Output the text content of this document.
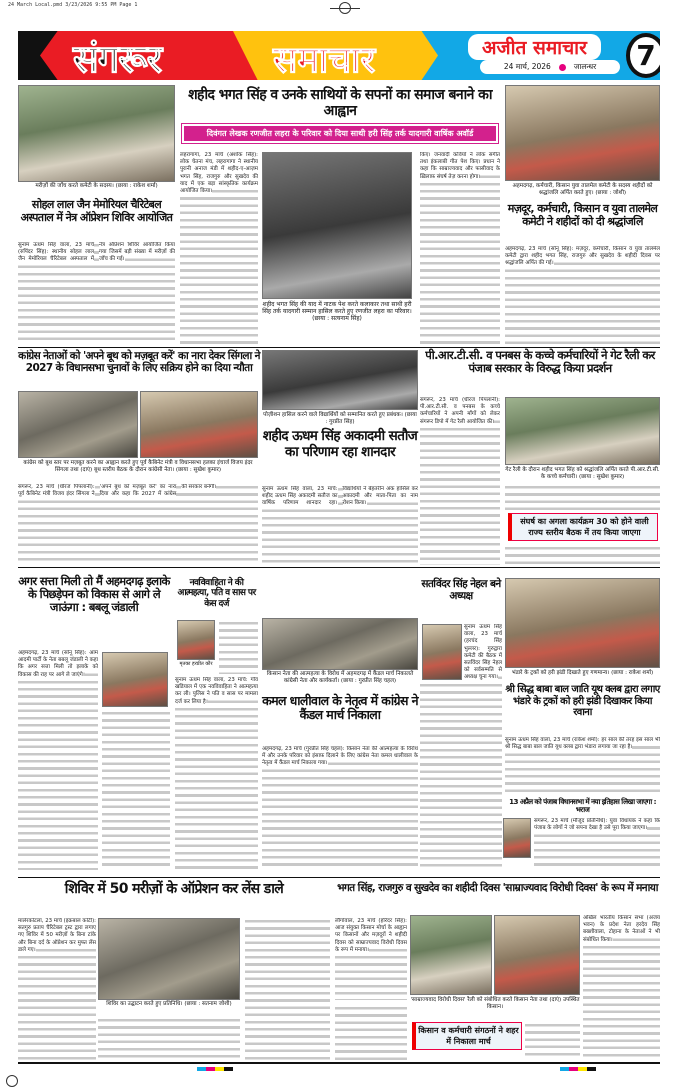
24 March Local.pmd 3/23/2026 9:55 PM Page 1
संगरूर	समाचार	अजीत समाचार
24 मार्च, 2026	जालन्धर	7
मरीज़ों की जाँच करते कमेटी के सदस्य। (छाया : राकेश शर्मा)
सोहल लाल जैन मेमोरियल चैरिटेबल अस्पताल में नेत्र ऑप्रेशन शिविर आयोजित
सुनाम ऊधम सिंह वाला, 23 मार्च (रुपिंदर सिंह): स्थानीय सोहल लाल जैन मेमोरियल चैरिटेबल अस्पताल में नेत्र ऑप्रेशन शिविर आयोजित किया गया जिसमें बड़ी संख्या में मरीज़ों की जाँच की गई।
शहीद भगत सिंह व उनके साथियों के सपनों का समाज बनाने का आह्वान
दिवंगत लेखक रणजीत लहरा के परिवार को दिया साथी हरी सिंह तर्क यादगारी वार्षिक अवॉर्ड
लहरागागा, 23 मार्च (अशोक सिंह): लोक चेतना मंच, लहरागागा ने स्थानीय पुरानी अनाज मंडी में शहीद-ए-आज़म भगत सिंह, राजगुरु और सुखदेव की याद में एक बड़ा सांस्कृतिक कार्यक्रम आयोजित किया।
शहीद भगत सिंह की याद में नाटक पेश करते कलाकार तथा साथी हरी सिंह तर्क यादगारी सम्मान हासिल करते हुए रणजीत लहरा का परिवार। (छाया : सत्यनाम सिंह)
किए। जनवादी कवियों ने लोक संगीत तथा इंकलाबी गीत पेश किए। प्रधान ने कहा कि साम्राज्यवाद और फासीवाद के ख़िलाफ़ संघर्ष तेज़ करना होगा।
अहमदगढ़, कर्मचारी, किसान युवा तालमेल कमेटी के सदस्य शहीदों को श्रद्धांजलि अर्पित करते हुए। (छाया : जोशी)
मज़दूर, कर्मचारी, किसान व युवा तालमेल कमेटी ने शहीदों को दी श्रद्धांजलि
अहमदगढ़, 23 मार्च (सोनू सिंह): मज़दूर, कर्मचारी, किसान व युवा तालमेल कमेटी द्वारा शहीद भगत सिंह, राजगुरु और सुखदेव के शहीदी दिवस पर श्रद्धांजलि अर्पित की गई।
कांग्रेस नेताओं को 'अपने बूथ को मज़बूत करें' का नारा देकर सिंगला ने 2027 के विधानसभा चुनावों के लिए सक्रिय होने का दिया न्यौता
कांग्रेस को बूथ स्तर पर मज़बूत करने का आह्वान करते हुए पूर्व कैबिनेट मंत्री व विधानसभा हलका इंचार्ज विजय इंदर सिंगला तथा (दाएं) बूथ स्तरीय बैठक के दौरान कांग्रेसी नेता। (छाया : सुखेश कुमार)
संगरूर, 23 मार्च (धीरज पिपलानी): पूर्व कैबिनेट मंत्री विजय इंदर सिंगला ने 'अपने बूथ को मज़बूत करें' का नारा दिया और कहा कि 2027 में कांग्रेस की सरकार बनेगी।
पोज़ीशन हासिल करने वाले विद्यार्थियों को सम्मानित करते हुए प्रबंधक। (छाया : गुरप्रीत सिंह)
शहीद ऊधम सिंह अकादमी सतौज का परिणाम रहा शानदार
सुनाम ऊधम सिंह वाला, 23 मार्च: शहीद ऊधम सिंह अकादमी सतौज का वार्षिक परिणाम शानदार रहा। विद्यार्थियों ने बेहतरीन अंक हासिल कर अकादमी और माता-पिता का नाम रोशन किया।
पी.आर.टी.सी. व पनबस के कच्चे कर्मचारियों ने गेट रैली कर पंजाब सरकार के विरुद्ध किया प्रदर्शन
संगरूर, 23 मार्च (धीरज पिपलानी): पी.आर.टी.सी. व पनबस के कच्चे कर्मचारियों ने अपनी माँगों को लेकर संगरूर डिपो में गेट रैली आयोजित की।
गेट रैली के दौरान शहीद भगत सिंह को श्रद्धांजलि अर्पित करते पी.आर.टी.सी. के कच्चे कर्मचारी। (छाया : सुखेश कुमार)
संघर्ष का अगला कार्यक्रम 30 को होने वाली राज्य स्तरीय बैठक में तय किया जाएगा
अगर सत्ता मिली तो मैं अहमदगढ़ इलाके के पिछड़ेपन को विकास से आगे ले जाऊंगा : बबलू जंडाली
अहमदगढ़, 23 मार्च (सोनू सिंह): आम आदमी पार्टी के नेता बबलू जंडाली ने कहा कि अगर सत्ता मिली तो इलाके को विकास की राह पर आगे ले जाएंगे।
नवविवाहिता ने की आत्महत्या, पति व सास पर केस दर्ज
मृतका हरप्रीत कौर
सुनाम ऊधम सिंह वाला, 23 मार्च: गाँव खडियाल में एक नवविवाहिता ने आत्महत्या कर ली। पुलिस ने पति व सास पर मामला दर्ज कर लिया है।
किसान नेता की आत्महत्या के विरोध में अहमदगढ़ में कैंडल मार्च निकालते कांग्रेसी नेता और कार्यकर्ता। (छाया : गुरप्रीत सिंह चहल)
कमल धालीवाल के नेतृत्व में कांग्रेस ने कैंडल मार्च निकाला
अहमदगढ़, 23 मार्च (गुरप्रीत सिंह चहल): किसान नेता की आत्महत्या के विरोध में और उनके परिवार को इंसाफ़ दिलाने के लिए कांग्रेस नेता कमल धालीवाल के नेतृत्व में कैंडल मार्च निकाला गया।
सतविंदर सिंह नेहल बने अध्यक्ष
सुनाम ऊधम सिंह वाला, 23 मार्च (हरचंद सिंह भुल्लर): गुरुद्वारा कमेटी की बैठक में सतविंदर सिंह नेहल को सर्वसम्मति से अध्यक्ष चुना गया।
भंडारे के ट्रकों को हरी झंडी दिखाते हुए गणमान्य। (छाया : राकेश शर्मा)
श्री सिद्ध बाबा बाल जाति यूथ क्लब द्वारा लगाए भंडारे के ट्रकों को हरी झंडी दिखाकर किया रवाना
सुनाम ऊधम सिंह वाला, 23 मार्च (राकेश शर्मा): हर साल की तरह इस साल भी श्री सिद्ध बाबा बाल जाति यूथ क्लब द्वारा भंडारा लगाया जा रहा है।
13 अप्रैल को पंजाब विधानसभा में नया इतिहास लिखा जाएगा : भराज
संगरूर, 23 मार्च (मौजूद प्रतिनिधि): युवा विधायक ने कहा कि पंजाब के लोगों ने जो सपना देखा है उसे पूरा किया जाएगा।
शिविर में 50 मरीज़ों के ऑप्रेशन कर लेंस डाले	भगत सिंह, राजगुरु व सुखदेव का शहीदी दिवस 'साम्राज्यवाद विरोधी दिवस' के रूप में मनाया
मालेरकोटला, 23 मार्च (इक़बाल कोटी): सतगुरु प्रताप चैरिटेबल ट्रस्ट द्वारा लगाए गए शिविर में 50 मरीज़ों के बिना टांके और बिना दर्द के ऑप्रेशन कर मुफ्त लेंस डाले गए।
शिविर का उद्घाटन करते हुए प्रतिनिधि। (छाया : सतनाम जोशी)
लौंगोवाल, 23 मार्च (हरिंदर सिंह): आज संयुक्त किसान मोर्चा के आह्वान पर किसानों और मज़दूरों ने शहीदी दिवस को साम्राज्यवाद विरोधी दिवस के रूप में मनाया।
'साम्राज्यवाद विरोधी दिवस' रैली को संबोधित करते किसान नेता तथा (दाएं) उपस्थित किसान।
किसान व कर्मचारी संगठनों ने शहर में निकाला मार्च
अखिल भारतीय किसान सभा (अजय भवन) के प्रदेश नेता हरदेव सिंह बख्शीवाला, टोहाना के नेताओं ने भी संबोधित किया।
